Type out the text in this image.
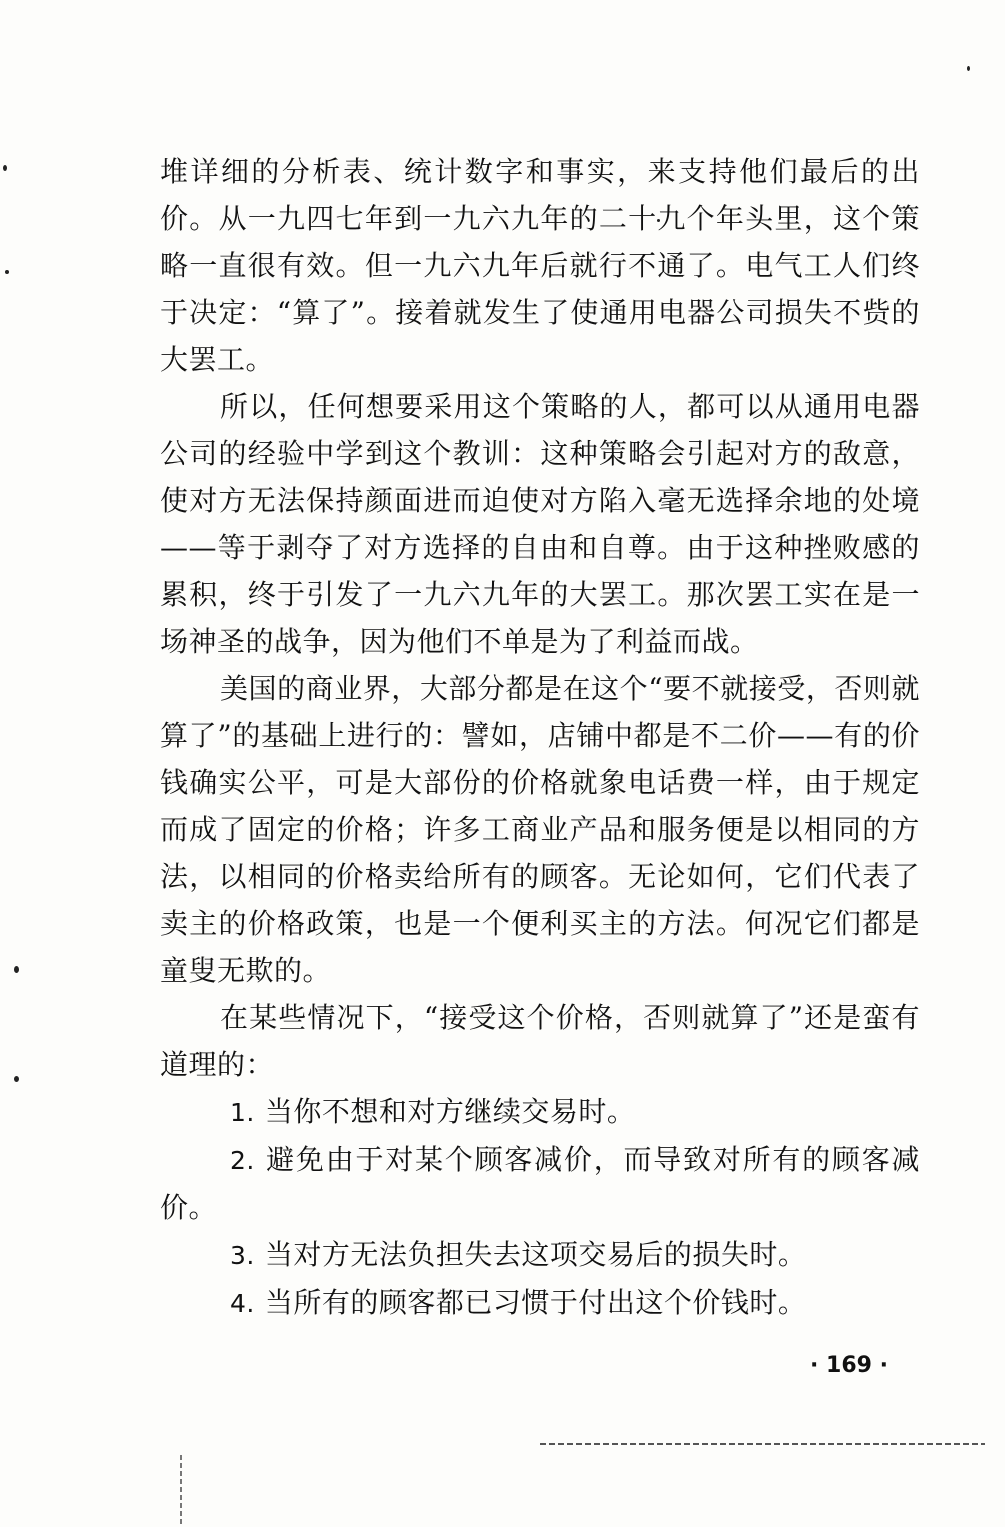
堆详细的分析表、统计数字和事实，来支持他们最后的出价。从一九四七年到一九六九年的二十九个年头里，这个策略一直很有效。但一九六九年后就行不通了。电气工人们终于决定：“算了”。接着就发生了使通用电器公司损失不赀的大罢工。

所以，任何想要采用这个策略的人，都可以从通用电器公司的经验中学到这个教训：这种策略会引起对方的敌意，使对方无法保持颜面进而迫使对方陷入毫无选择余地的处境——等于剥夺了对方选择的自由和自尊。由于这种挫败感的累积，终于引发了一九六九年的大罢工。那次罢工实在是一场神圣的战争，因为他们不单是为了利益而战。

美国的商业界，大部分都是在这个“要不就接受，否则就算了”的基础上进行的：譬如，店铺中都是不二价——有的价钱确实公平，可是大部份的价格就象电话费一样，由于规定而成了固定的价格；许多工商业产品和服务便是以相同的方法，以相同的价格卖给所有的顾客。无论如何，它们代表了卖主的价格政策，也是一个便利买主的方法。何况它们都是童叟无欺的。

在某些情况下，“接受这个价格，否则就算了”还是蛮有道理的：

1. 当你不想和对方继续交易时。

2. 避免由于对某个顾客减价，而导致对所有的顾客减价。

3. 当对方无法负担失去这项交易后的损失时。

4. 当所有的顾客都已习惯于付出这个价钱时。

· 169 ·
